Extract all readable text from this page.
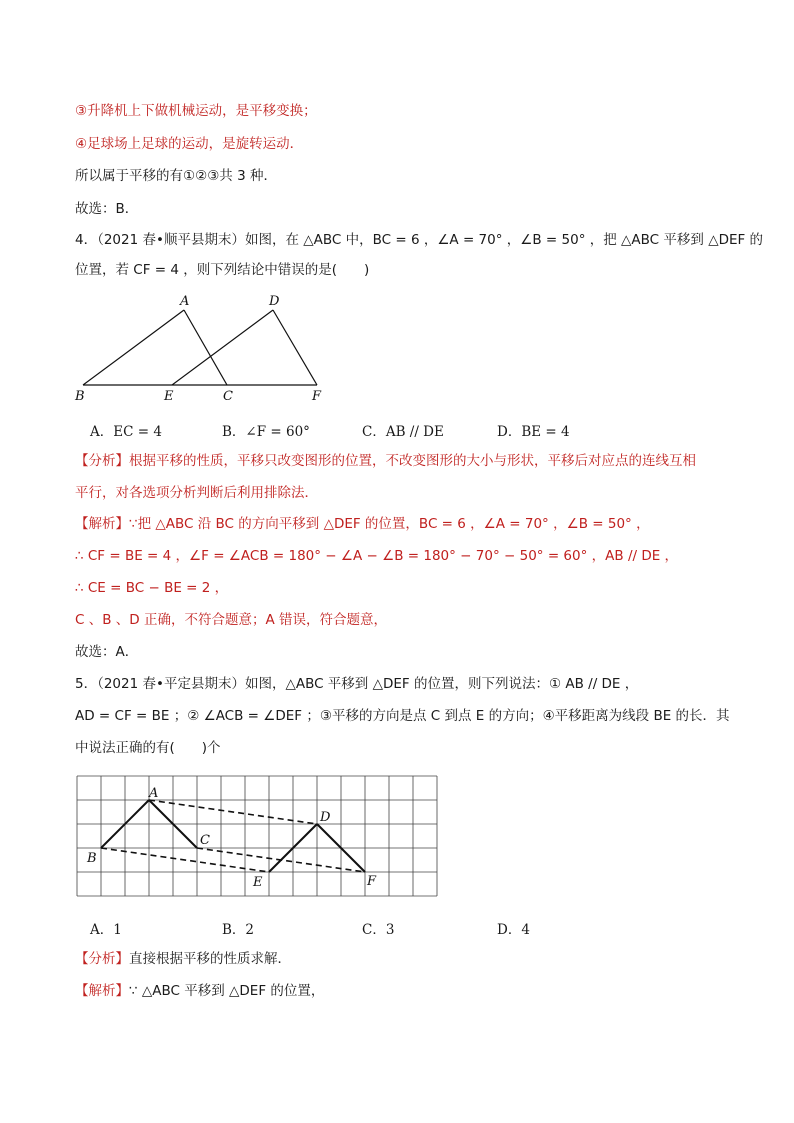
③升降机上下做机械运动，是平移变换；
④足球场上足球的运动，是旋转运动．
所以属于平移的有①②③共 3 种．
故选：B．
4．（2021 春•顺平县期末）如图，在 △ABC 中，BC = 6 ，∠A = 70° ，∠B = 50° ，把 △ABC 平移到 △DEF 的
位置，若 CF = 4 ，则下列结论中错误的是(　　)
A	D
B	E	C	F
A．EC = 4	B．∠F = 60°	C．AB // DE	D．BE = 4
【分析】根据平移的性质，平移只改变图形的位置，不改变图形的大小与形状，平移后对应点的连线互相
平行，对各选项分析判断后利用排除法．
【解析】∵把 △ABC 沿 BC 的方向平移到 △DEF 的位置，BC = 6 ，∠A = 70° ，∠B = 50° ，
∴ CF = BE = 4 ，∠F = ∠ACB = 180° − ∠A − ∠B = 180° − 70° − 50° = 60° ，AB // DE ，
∴ CE = BC − BE = 2 ，
C 、B 、D 正确，不符合题意；A 错误，符合题意，
故选：A．
5．（2021 春•平定县期末）如图，△ABC 平移到 △DEF 的位置，则下列说法：① AB // DE ，
AD = CF = BE ；② ∠ACB = ∠DEF ；③平移的方向是点 C 到点 E 的方向；④平移距离为线段 BE 的长．其
中说法正确的有(　　)个
A
D
C
B
E	F
A．1	B．2	C．3	D．4
【分析】直接根据平移的性质求解．
【解析】∵ △ABC 平移到 △DEF 的位置，
